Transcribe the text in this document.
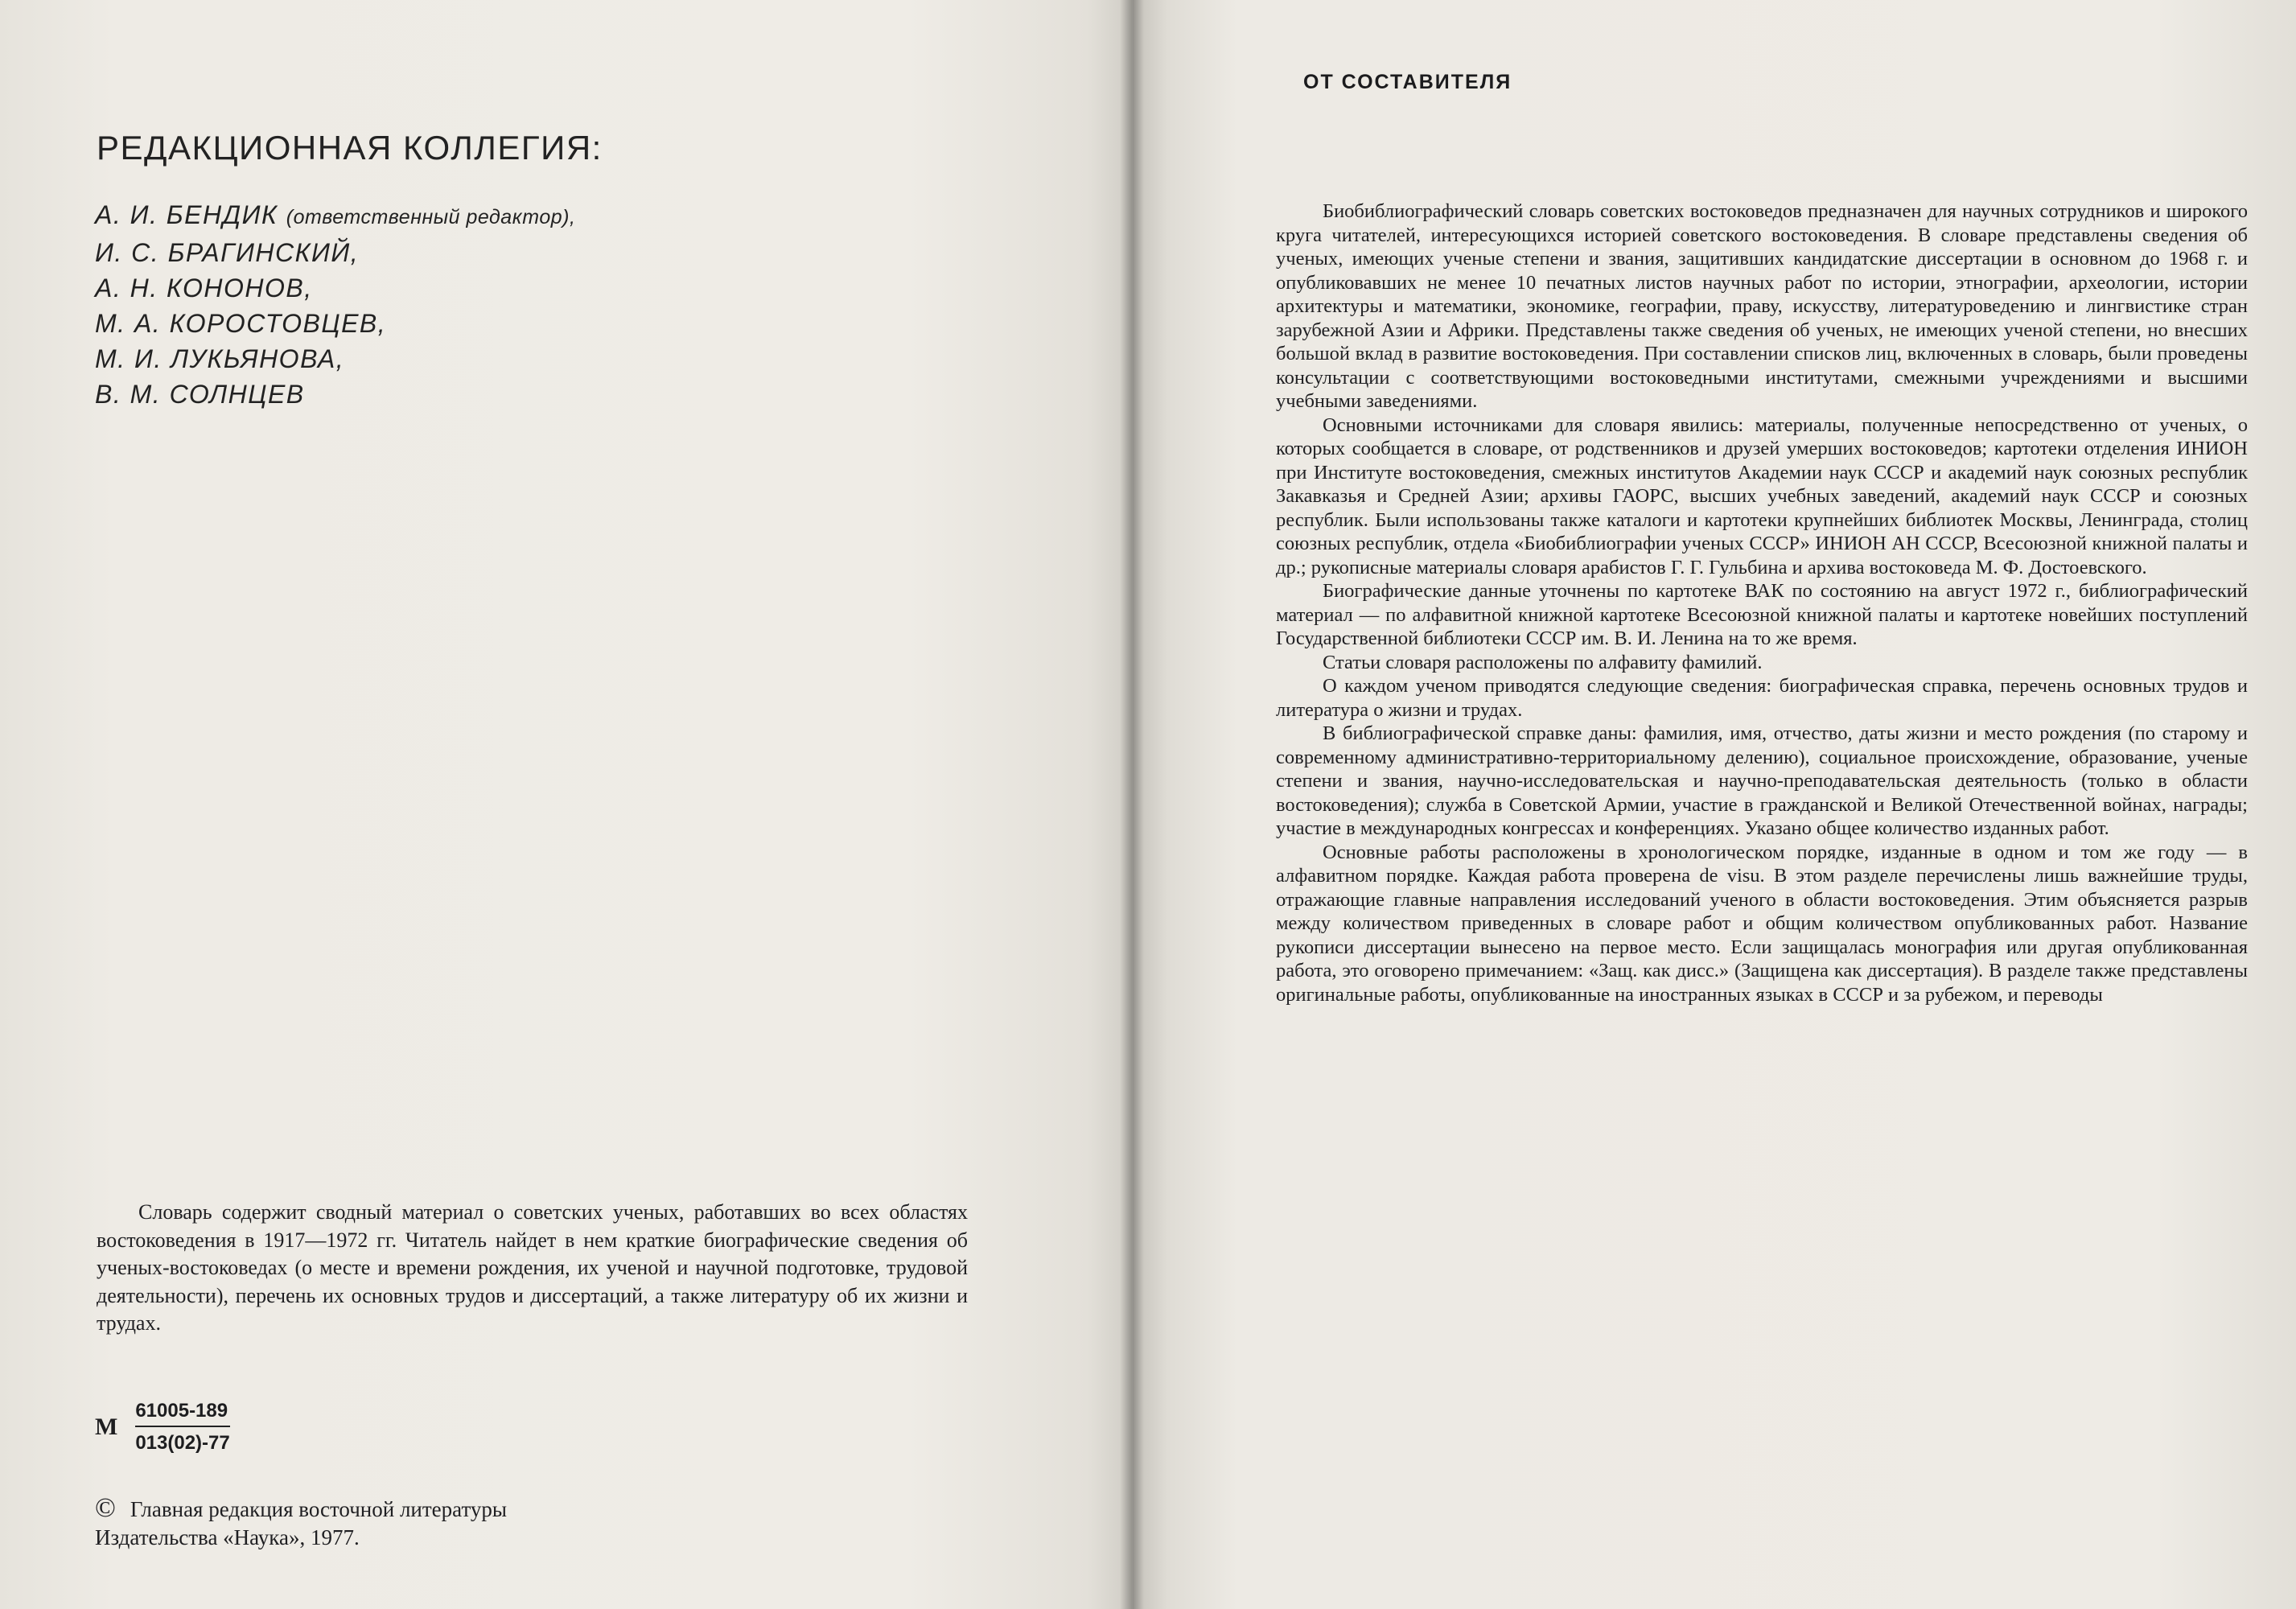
РЕДАКЦИОННАЯ КОЛЛЕГИЯ:
А. И. БЕНДИК (ответственный редактор),
И. С. БРАГИНСКИЙ,
А. Н. КОНОНОВ,
М. А. КОРОСТОВЦЕВ,
М. И. ЛУКЬЯНОВА,
В. М. СОЛНЦЕВ

Словарь содержит сводный материал о советских ученых, работавших во всех областях востоковедения в 1917—1972 гг. Читатель найдет в нем краткие биографические сведения об ученых-востоковедах (о месте и времени рождения, их ученой и научной подготовке, трудовой деятельности), перечень их основных трудов и диссертаций, а также литературу об их жизни и трудах.

М $\frac{61005-189}{013(02)-77}$
© Главная редакция восточной литературы
Издательства «Наука», 1977.
ОТ СОСТАВИТЕЛЯ

Биобиблиографический словарь советских востоковедов предназначен для научных сотрудников и широкого круга читателей, интересующихся историей советского востоковедения. В словаре представлены сведения об ученых, имеющих ученые степени и звания, защитивших кандидатские диссертации в основном до 1968 г. и опубликовавших не менее 10 печатных листов научных работ по истории, этнографии, археологии, истории архитектуры и математики, экономике, географии, праву, искусству, литературоведению и лингвистике стран зарубежной Азии и Африки. Представлены также сведения об ученых, не имеющих ученой степени, но внесших большой вклад в развитие востоковедения. При составлении списков лиц, включенных в словарь, были проведены консультации с соответствующими востоковедными институтами, смежными учреждениями и высшими учебными заведениями.

Основными источниками для словаря явились: материалы, полученные непосредственно от ученых, о которых сообщается в словаре, от родственников и друзей умерших востоковедов; картотеки отделения ИНИОН при Институте востоковедения, смежных институтов Академии наук СССР и академий наук союзных республик Закавказья и Средней Азии; архивы ГАОРС, высших учебных заведений, академий наук СССР и союзных республик. Были использованы также каталоги и картотеки крупнейших библиотек Москвы, Ленинграда, столиц союзных республик, отдела «Биобиблиографии ученых СССР» ИНИОН АН СССР, Всесоюзной книжной палаты и др.; рукописные материалы словаря арабистов Г. Г. Гульбина и архива востоковеда М. Ф. Достоевского.

Биографические данные уточнены по картотеке ВАК по состоянию на август 1972 г., библиографический материал — по алфавитной книжной картотеке Всесоюзной книжной палаты и картотеке новейших поступлений Государственной библиотеки СССР им. В. И. Ленина на то же время.

Статьи словаря расположены по алфавиту фамилий.

О каждом ученом приводятся следующие сведения: биографическая справка, перечень основных трудов и литература о жизни и трудах.

В библиографической справке даны: фамилия, имя, отчество, даты жизни и место рождения (по старому и современному административно-территориальному делению), социальное происхождение, образование, ученые степени и звания, научно-исследовательская и научно-преподавательская деятельность (только в области востоковедения); служба в Советской Армии, участие в гражданской и Великой Отечественной войнах, награды; участие в международных конгрессах и конференциях. Указано общее количество изданных работ.

Основные работы расположены в хронологическом порядке, изданные в одном и том же году — в алфавитном порядке. Каждая работа проверена de visu. В этом разделе перечислены лишь важнейшие труды, отражающие главные направления исследований ученого в области востоковедения. Этим объясняется разрыв между количеством приведенных в словаре работ и общим количеством опубликованных работ. Название рукописи диссертации вынесено на первое место. Если защищалась монография или другая опубликованная работа, это оговорено примечанием: «Защ. как дисс.» (Защищена как диссертация). В разделе также представлены оригинальные работы, опубликованные на иностранных языках в СССР и за рубежом, и переводы
